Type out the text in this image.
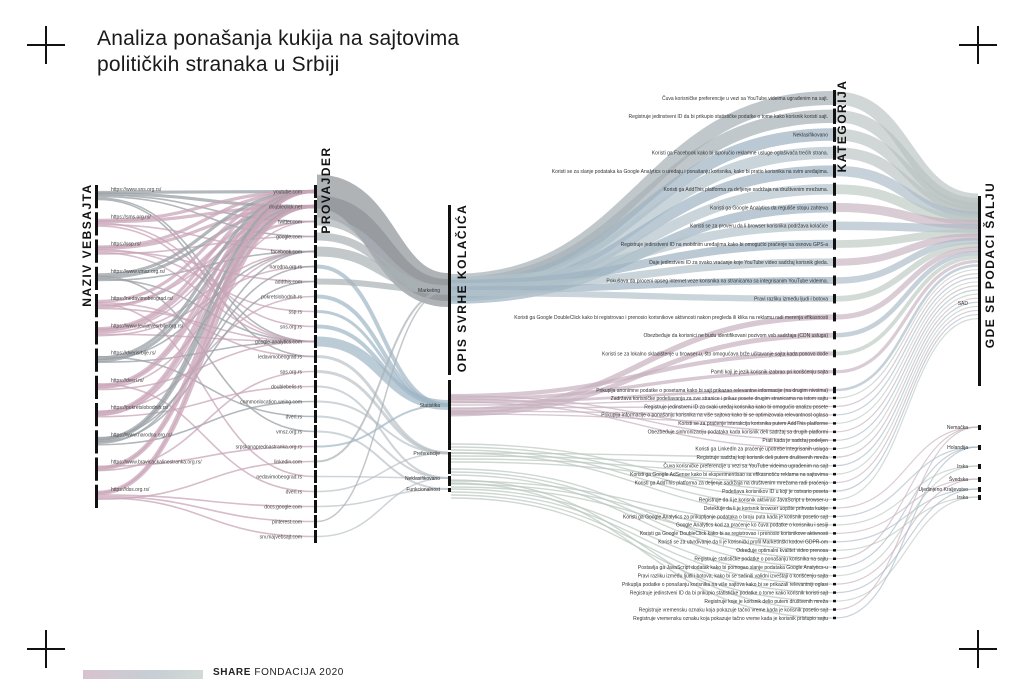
Analiza ponašanja kukija na sajtovima
političkih stranaka u Srbiji
https://www.sns.org.rs/
https://sms.org.rs/
https://ssp.rs/
https://www.vmsz.org.rs/
https://nedavimobeograd.rs/
https://www.levijalvesrbije.org.rs/
https://dverisrbije.rs/
https://dveri.rs/
https://pokretslobodnih.rs/
https://www.narodna.org.rs/
https://www.bravicackalinestranka.org.rs/
https://dss.org.rs/
youtube.com
doubleclick.net
twitter.com
google.com
facebook.com
narodna.org.rs
addthis.com
pokretslobodnih.rs
ssp.rs
sns.org.rs
google-analytics.com
ledavimobeograd.rs
sps.org.rs
doublebelis.rs
commonlocation.weing.com
dveri.rs
vmsz.org.rs
srpskanaprednastranka.org.rs
linkedin.com
nedavimobeograd.rs
dveri.rs
docs.google.com
pinterest.com
srv.majvebsajt.com
Marketing
Statistika
Preferencije
Neklasifikovano
Funkcionalnost
Čuva korisničke preferencije u vezi sa YouTube videima ugrađenim na sajt.
Registruje jedinstveni ID da bi prikupio statističke podatke o tome kako korisnik koristi sajt.
Neklasifikovano
Koristi ga Facebook kako bi isporučio reklamne usluge oglašivača trećih strana.
Koristi se za slanje podataka ka Google Analytics o uređaju i ponašanju korisnika, kako bi pratio korisnika na svim uređajima.
Koristi ga AddThis platforma za deljenje sadržaja na društvenim mrežama.
Koristi ga Google Analytics da reguliše stopu zahteva
Koristi se za proveru da li browser korisnika podržava kolačiće
Registruje jedinstveni ID na mobilnim uređajima kako bi omogućio praćenje na osnovu GPS-a
Daje jedinstveni ID za svako vraćanje koje YouTube video sadržaj korisnik gleda.
Pokušava da proceni opseg internet veze korisnika na stranicama sa integrisanim YouTube videima.
Pravi razliku između ljudi i botova
Koristi ga Google DoubleClick kako bi registrovao i prenosio korisnikove aktivnosti nakon pregleda ili klika na reklamu radi merenja efikasnosti
Obezbeđuje da korisnici ne budu identifikovani pozivom veb sadržaja (CDN usluga)
Koristi se za lokalno skladištenje u browser-u, što omogućava brže učitavanje sajta kada ponovo dođe
Pamti koji je jezik korisnik izabrao pri korišćenju sajta
Prikuplja anonimne podatke o posetama kako bi sajt prikazao relevantne informacije (na drugim nivoima)
Zadržava korisničke podešavanja za sve stranice i prikaz posete drugim stranicama na istom sajtu
Registruje jedinstveni ID za svaki uređaj korisnika kako bi omogućio analizu posete
Prikuplja informacije o ponašanju korisnika na više sajtova kako bi se optimizovala relevantnost oglasa
Koristi se za praćenje interakcija korisnika putem AddThis platforme
Obezbeđuje sinhronizaciju podataka kada korisnik deli sadržaj sa drugih platformi
Prati kada je sadržaj podeljen
Koristi ga LinkedIn za praćenje upotrebe integrisanih usluga
Registruje sadržaj koji korisnik deli putem društvenih mreža
Čuva korisničke preferencije u vezi sa YouTube videima ugrađenim na sajt
Koristi ga Google AdSense kako bi eksperimentisao sa efikasnošću reklama na sajtovima
Koristi ga AddThis platforma za deljenje sadržaja na društvenim mrežama radi praćenja
Podešava korisnikov ID u koji je ostvario poseta
Registruje da li je korisnik aktivirao JavaScript u browser-u
Detektuje da li je korisnik browser uopšte prihvata kukije
Koristi ga Google Analytics za prikupljanje podataka o broju puta kada je korisnik posetio sajt
Google Analytics kod za praćenje ko čuva podatke o korisniku i sesiji
Koristi ga Google DoubleClick kako bi se registrovao i prenosio korisnikove aktivnosti
Koristi se za utvrđivanje da li je korisnički profil Marketinški kodovi GDPR-om
Određuje optimalni kvalitet video prenosa
Registruje statističke podatke o ponašanju korisnika na sajtu
Postavlja ga JavaScript dodatak kako bi pomogao slanje podataka Google Analytics-u
Pravi razliku između ljudi i botova, kako bi se sačinili validni izveštaji o korišćenju sajta
Prikuplja podatke o ponašanju korisnika na više sajtova kako bi se prikazali relevantniji oglasi
Registruje jedinstveni ID da bi prikupio statističke podatke o tome kako korisnik koristi sajt
Registruje koje je korisnik delio putem društvenih mreža
Registruje vremensku oznaku koja pokazuje tačno vreme kada je korisnik posetio sajt
Registruje vremensku oznaku koja pokazuje tačno vreme kada je korisnik pristupio sajtu
SAD
Nemačka
Holandija
Irska
Švedska
Ujedinjeno Kraljevstvo
Irska
NAZIV VEBSAJTA	PROVAJDER
OPIS SVRHE KOLAČIĆA
KATEGORIJA
GDE SE PODACI ŠALJU
SHARE FONDACIJA 2020
